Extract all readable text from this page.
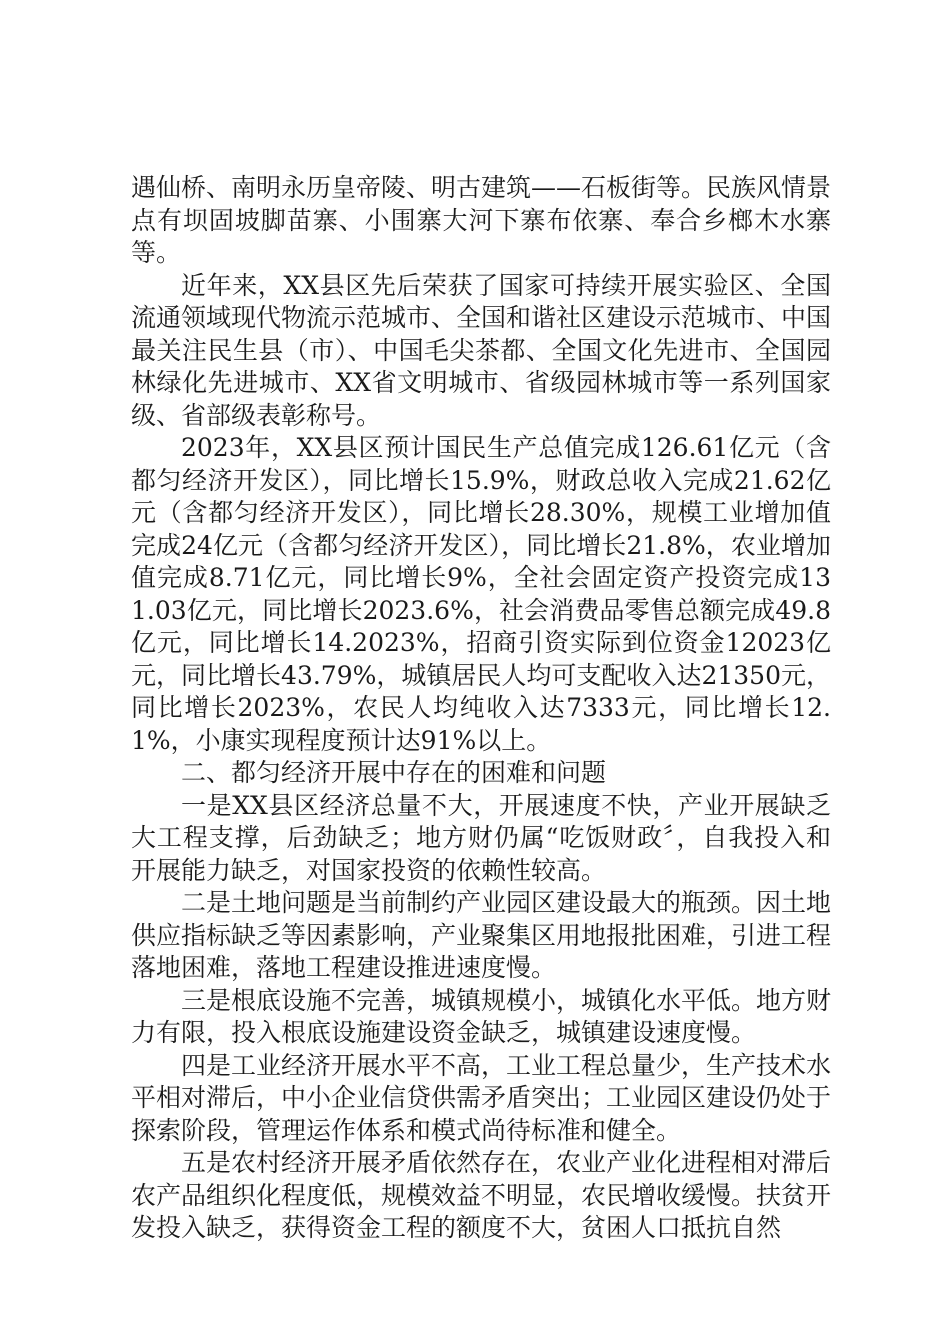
遇仙桥、南明永历皇帝陵、明古建筑——石板街等。民族风情景点有坝固坡脚苗寨、小围寨大河下寨布依寨、奉合乡榔木水寨等。

近年来，XX县区先后荣获了国家可持续开展实验区、全国流通领域现代物流示范城市、全国和谐社区建设示范城市、中国最关注民生县（市）、中国毛尖茶都、全国文化先进市、全国园林绿化先进城市、XX省文明城市、省级园林城市等一系列国家级、省部级表彰称号。

2023年，XX县区预计国民生产总值完成126.61亿元（含都匀经济开发区），同比增长15.9%，财政总收入完成21.62亿元（含都匀经济开发区），同比增长28.30%，规模工业增加值完成24亿元（含都匀经济开发区），同比增长21.8%，农业增加值完成8.71亿元，同比增长9%，全社会固定资产投资完成131.03亿元，同比增长2023.6%，社会消费品零售总额完成49.8亿元，同比增长14.2023%，招商引资实际到位资金12023亿元，同比增长43.79%，城镇居民人均可支配收入达21350元，同比增长2023%，农民人均纯收入达7333元，同比增长12.1%，小康实现程度预计达91%以上。

二、都匀经济开展中存在的困难和问题

一是XX县区经济总量不大，开展速度不快，产业开展缺乏大工程支撑，后劲缺乏；地方财仍属“吃饭财政〞，自我投入和开展能力缺乏，对国家投资的依赖性较高。

二是土地问题是当前制约产业园区建设最大的瓶颈。因土地供应指标缺乏等因素影响，产业聚集区用地报批困难，引进工程落地困难，落地工程建设推进速度慢。

三是根底设施不完善，城镇规模小，城镇化水平低。地方财力有限，投入根底设施建设资金缺乏，城镇建设速度慢。

四是工业经济开展水平不高，工业工程总量少，生产技术水平相对滞后，中小企业信贷供需矛盾突出；工业园区建设仍处于探索阶段，管理运作体系和模式尚待标准和健全。

五是农村经济开展矛盾依然存在，农业产业化进程相对滞后农产品组织化程度低，规模效益不明显，农民增收缓慢。扶贫开发投入缺乏，获得资金工程的额度不大，贫困人口抵抗自然
